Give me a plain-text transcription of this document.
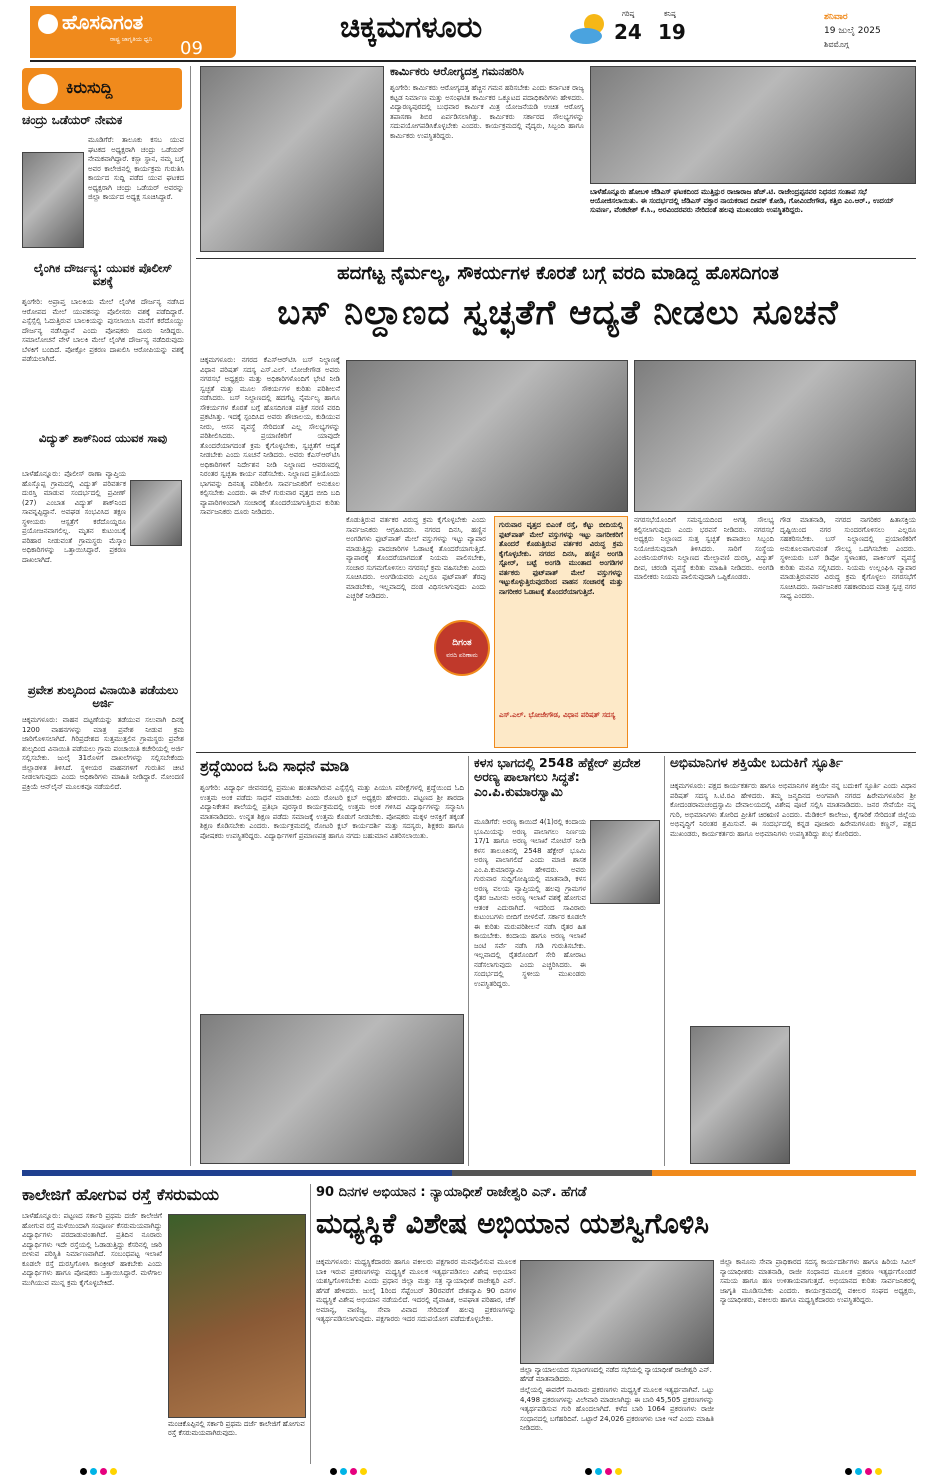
ಹೊಸದಿಗಂತ
ರಾಷ್ಟ್ರ ಜಾಗೃತಿಯ ಧ್ವನಿ	09
ಚಿಕ್ಕಮಗಳೂರು	ಗರಿಷ್ಠ
24
ಕನಿಷ್ಠ
19
ಶನಿವಾರ
19 ಜುಲೈ 2025
ಶಿವಮೊಗ್ಗ
ಕಿರುಸುದ್ದಿ
ಚಂದ್ರು ಒಡೆಯರ್ ನೇಮಕ
ಮೂಡಿಗೆರೆ: ತಾಲೂಕು ಕಸಬ ಯುವ ಘಟಕದ ಅಧ್ಯಕ್ಷರಾಗಿ ಚಂದ್ರು ಒಡೆಯರ್ ನೇಮಕವಾಗಿದ್ದಾರೆ. ಕಸ್ಬಾ ಸ್ಥಾನ, ನಮ್ಮ ಬಗ್ಗೆ ಅವರ ಕಾಲೇಜಿನಲ್ಲಿ ಕಾರ್ಯಕ್ರಮ ಗುರುತಿಸಿ ಕಾರ್ಯದ ಸುದ್ದಿ ಪಡೆದ ಯುವ ಘಟಕದ ಅಧ್ಯಕ್ಷರಾಗಿ ಚಂದ್ರು ಒಡೆಯರ್ ಅವರನ್ನು ಜಿಲ್ಲಾ ಕಾರ್ಯದ ಅಧ್ಯಕ್ಷ ಸೂಚಿಸಿದ್ದಾರೆ.
ಲೈಂಗಿಕ ದೌರ್ಜನ್ಯ: ಯುವಕ ಪೊಲೀಸ್ ವಶಕ್ಕೆ
ಶೃಂಗೇರಿ: ಅಪ್ರಾಪ್ತ ಬಾಲಕಿಯ ಮೇಲೆ ಲೈಂಗಿಕ ದೌರ್ಜನ್ಯ ನಡೆಸಿದ ಆರೋಪದ ಮೇಲೆ ಯುವಕನನ್ನು ಪೊಲೀಸರು ವಶಕ್ಕೆ ಪಡೆದಿದ್ದಾರೆ. ಎಸ್ಸೆಸ್ಸೆಲ್ಸಿ ಓದುತ್ತಿರುವ ಬಾಲಕಿಯನ್ನು ಪುಸಲಾಯಿಸಿ ಮನೆಗೆ ಕರೆದೊಯ್ದು ದೌರ್ಜನ್ಯ ನಡೆಸಿದ್ದಾನೆ ಎಂದು ಪೋಷಕರು ದೂರು ನೀಡಿದ್ದರು. ಸಮಾಲೋಚನೆ ವೇಳೆ ಬಾಲಕಿ ಮೇಲೆ ಲೈಂಗಿಕ ದೌರ್ಜನ್ಯ ನಡೆದಿರುವುದು ಬೆಳಕಿಗೆ ಬಂದಿದೆ. ಪೋಕ್ಸೋ ಪ್ರಕರಣ ದಾಖಲಿಸಿ ಆರೋಪಿಯನ್ನು ವಶಕ್ಕೆ ಪಡೆಯಲಾಗಿದೆ.
ವಿದ್ಯುತ್ ಶಾಕ್‌ನಿಂದ ಯುವಕ ಸಾವು
ಬಾಳೆಹೊನ್ನೂರು: ಪೊಲೀಸ್ ಠಾಣಾ ವ್ಯಾಪ್ತಿಯ ಹೊಸ್ಕೊಪ್ಪ ಗ್ರಾಮದಲ್ಲಿ ವಿದ್ಯುತ್ ಪರಿವರ್ತಕ ದುರಸ್ತಿ ಮಾಡುವ ಸಂದರ್ಭದಲ್ಲಿ ಪ್ರವೀಣ್ (27) ಎಂಬಾತ ವಿದ್ಯುತ್ ಶಾಕ್‌ನಿಂದ ಸಾವನ್ನಪ್ಪಿದ್ದಾನೆ. ಅವಘಡ ಸಂಭವಿಸಿದ ತಕ್ಷಣ ಸ್ಥಳೀಯರು ಆಸ್ಪತ್ರೆಗೆ ಕರೆದೊಯ್ದರೂ ಪ್ರಯೋಜನವಾಗಲಿಲ್ಲ. ಮೃತನ ಕುಟುಂಬಕ್ಕೆ ಪರಿಹಾರ ನೀಡುವಂತೆ ಗ್ರಾಮಸ್ಥರು ಮೆಸ್ಕಾಂ ಅಧಿಕಾರಿಗಳನ್ನು ಒತ್ತಾಯಿಸಿದ್ದಾರೆ. ಪ್ರಕರಣ ದಾಖಲಾಗಿದೆ.
ಪ್ರವೇಶ ಶುಲ್ಕದಿಂದ ವಿನಾಯಿತಿ ಪಡೆಯಲು ಅರ್ಜಿ
ಚಿಕ್ಕಮಗಳೂರು: ವಾಹನ ದಟ್ಟಣೆಯನ್ನು ತಡೆಯುವ ಸಲುವಾಗಿ ದಿನಕ್ಕೆ 1200 ವಾಹನಗಳನ್ನು ಮಾತ್ರ ಪ್ರವೇಶ ನೀಡುವ ಕ್ರಮ ಜಾರಿಗೊಳಿಸಲಾಗಿದೆ. ಗಿರಿಪ್ರದೇಶದ ಸುತ್ತಮುತ್ತಲಿನ ಗ್ರಾಮಸ್ಥರು ಪ್ರವೇಶ ಶುಲ್ಕದಿಂದ ವಿನಾಯಿತಿ ಪಡೆಯಲು ಗ್ರಾಮ ಪಂಚಾಯಿತಿ ಕಚೇರಿಯಲ್ಲಿ ಅರ್ಜಿ ಸಲ್ಲಿಸಬೇಕು. ಜುಲೈ 31ರೊಳಗೆ ದಾಖಲೆಗಳನ್ನು ಸಲ್ಲಿಸಬೇಕೆಂದು ಜಿಲ್ಲಾಡಳಿತ ತಿಳಿಸಿದೆ. ಸ್ಥಳೀಯರ ವಾಹನಗಳಿಗೆ ಗುರುತಿನ ಚೀಟಿ ನೀಡಲಾಗುವುದು ಎಂದು ಅಧಿಕಾರಿಗಳು ಮಾಹಿತಿ ನೀಡಿದ್ದಾರೆ. ನೋಂದಣಿ ಪ್ರಕ್ರಿಯೆ ಆನ್‌ಲೈನ್ ಮೂಲಕವೂ ನಡೆಯಲಿದೆ.
ಕಾರ್ಮಿಕರು ಆರೋಗ್ಯದತ್ತ ಗಮನಹರಿಸಿ
ಶೃಂಗೇರಿ: ಕಾರ್ಮಿಕರು ಆರೋಗ್ಯದತ್ತ ಹೆಚ್ಚಿನ ಗಮನ ಹರಿಸಬೇಕು ಎಂದು ಕರ್ನಾಟಕ ರಾಜ್ಯ ಕಟ್ಟಡ ನಿರ್ಮಾಣ ಮತ್ತು ಅಸಂಘಟಿತ ಕಾರ್ಮಿಕರ ಒಕ್ಕೂಟದ ಪದಾಧಿಕಾರಿಗಳು ಹೇಳಿದರು. ವಿದ್ಯಾರಣ್ಯಪುರದಲ್ಲಿ ಬುಧವಾರ ಕಾರ್ಮಿಕ ಮಿತ್ರ ಯೋಜನೆಯಡಿ ಉಚಿತ ಆರೋಗ್ಯ ತಪಾಸಣಾ ಶಿಬಿರ ಏರ್ಪಡಿಸಲಾಗಿತ್ತು. ಕಾರ್ಮಿಕರು ಸರ್ಕಾರದ ಸೌಲಭ್ಯಗಳನ್ನು ಸದುಪಯೋಗಪಡಿಸಿಕೊಳ್ಳಬೇಕು ಎಂದರು. ಕಾರ್ಯಕ್ರಮದಲ್ಲಿ ವೈದ್ಯರು, ಸಿಬ್ಬಂದಿ ಹಾಗೂ ಕಾರ್ಮಿಕರು ಉಪಸ್ಥಿತರಿದ್ದರು.
ಬಾಳೆಹೊನ್ನೂರು ಹೋಬಳಿ ಜೆಡಿಎಸ್ ಘಟಕದಿಂದ ಮುತ್ತಿನ್ಪುರ ರಾಜಾರಾಜ ಹೆಚ್.ಟಿ. ರಾಜೇಂದ್ರಪ್ಪನವರ ನಿಧನದ ಸಂತಾಪ ಸಭೆ ಆಯೋಜಿಸಲಾಯಿತು. ಈ ಸಂದರ್ಭದಲ್ಲಿ ಜೆಡಿಎಸ್ ವಕ್ತಾರ ನಾಯಕರಾದ ದೀಪಕ್ ಕೋಡಿ, ಗೋವಿಂದೇಗೌಡ, ಕತ್ತಿಬಿ ಎಂ.ಆರ್., ಉದಯ್ ಸುವರ್ಣ, ವೆಂಕಟೇಶ್ ಕೆ.ಸಿ., ಅರವಿಂದರವರು ನೇರಿದಂತೆ ಹಲವು ಮುಖಂಡರು ಉಪಸ್ಥಿತರಿದ್ದರು.
ಹದಗೆಟ್ಟ ನೈರ್ಮಲ್ಯ, ಸೌಕರ್ಯಗಳ ಕೊರತೆ ಬಗ್ಗೆ ವರದಿ ಮಾಡಿದ್ದ ಹೊಸದಿಗಂತ
ಬಸ್ ನಿಲ್ದಾಣದ ಸ್ವಚ್ಛತೆಗೆ ಆದ್ಯತೆ ನೀಡಲು ಸೂಚನೆ
ಚಿಕ್ಕಮಗಳೂರು: ನಗರದ ಕೆಎಸ್‌ಆರ್‌ಟಿಸಿ ಬಸ್ ನಿಲ್ದಾಣಕ್ಕೆ ವಿಧಾನ ಪರಿಷತ್ ಸದಸ್ಯ ಎಸ್.ಎಲ್. ಬೋಜೇಗೌಡ ಅವರು ನಗರಸಭೆ ಅಧ್ಯಕ್ಷರು ಮತ್ತು ಅಧಿಕಾರಿಗಳೊಂದಿಗೆ ಭೇಟಿ ನೀಡಿ ಸ್ವಚ್ಛತೆ ಮತ್ತು ಮೂಲ ಸೌಕರ್ಯಗಳ ಕುರಿತು ಪರಿಶೀಲನೆ ನಡೆಸಿದರು. ಬಸ್ ನಿಲ್ದಾಣದಲ್ಲಿ ಹದಗೆಟ್ಟ ನೈರ್ಮಲ್ಯ ಹಾಗೂ ಸೌಕರ್ಯಗಳ ಕೊರತೆ ಬಗ್ಗೆ ಹೊಸದಿಗಂತ ಪತ್ರಿಕೆ ಸರಣಿ ವರದಿ ಪ್ರಕಟಿಸಿತ್ತು. ಇದಕ್ಕೆ ಸ್ಪಂದಿಸಿದ ಅವರು ಶೌಚಾಲಯ, ಕುಡಿಯುವ ನೀರು, ಆಸನ ವ್ಯವಸ್ಥೆ ಸೇರಿದಂತೆ ಎಲ್ಲ ಸೌಲಭ್ಯಗಳನ್ನು ಪರಿಶೀಲಿಸಿದರು. ಪ್ರಯಾಣಿಕರಿಗೆ ಯಾವುದೇ ತೊಂದರೆಯಾಗದಂತೆ ಕ್ರಮ ಕೈಗೊಳ್ಳಬೇಕು, ಸ್ವಚ್ಛತೆಗೆ ಆದ್ಯತೆ ನೀಡಬೇಕು ಎಂದು ಸೂಚನೆ ನೀಡಿದರು. ಅವರು ಕೆಎಸ್‌ಆರ್‌ಟಿಸಿ ಅಧಿಕಾರಿಗಳಿಗೆ ನಿರ್ದೇಶನ ನೀಡಿ ನಿಲ್ದಾಣದ ಆವರಣದಲ್ಲಿ ನಿರಂತರ ಸ್ವಚ್ಛತಾ ಕಾರ್ಯ ನಡೆಸಬೇಕು. ನಿಲ್ದಾಣದ ಪ್ರತಿಯೊಂದು ಭಾಗವನ್ನು ದಿನನಿತ್ಯ ಪರಿಶೀಲಿಸಿ ಸಾರ್ವಜನಿಕರಿಗೆ ಅನುಕೂಲ ಕಲ್ಪಿಸಬೇಕು ಎಂದರು. ಈ ವೇಳೆ ಗುರುವಾರ ವೃತ್ತದ ಬೀದಿ ಬದಿ ವ್ಯಾಪಾರಿಗಳಿಂದಾಗಿ ಸಂಚಾರಕ್ಕೆ ತೊಂದರೆಯಾಗುತ್ತಿರುವ ಕುರಿತು ಸಾರ್ವಜನಿಕರು ದೂರು ನೀಡಿದರು.
ಕೊಡುತ್ತಿರುವ ವರ್ತಕರ ವಿರುದ್ಧ ಕ್ರಮ ಕೈಗೊಳ್ಳಬೇಕು ಎಂದು ಸಾರ್ವಜನಿಕರು ಆಗ್ರಹಿಸಿದರು. ನಗರದ ದಿನಸಿ, ಹಣ್ಣಿನ ಅಂಗಡಿಗಳು ಫುಟ್‌ಪಾತ್ ಮೇಲೆ ವಸ್ತುಗಳನ್ನು ಇಟ್ಟು ವ್ಯಾಪಾರ ಮಾಡುತ್ತಿದ್ದು ಪಾದಚಾರಿಗಳ ಓಡಾಟಕ್ಕೆ ತೊಂದರೆಯಾಗುತ್ತಿದೆ. ವ್ಯಾಪಾರಕ್ಕೆ ತೊಂದರೆಯಾಗದಂತೆ ನಿಯಮ ಪಾಲಿಸಬೇಕು, ಸಂಚಾರ ಸುಗಮಗೊಳಿಸಲು ನಗರಸಭೆ ಕ್ರಮ ವಹಿಸಬೇಕು ಎಂದು ಸೂಚಿಸಿದರು. ಅಂಗಡಿಯವರು ಎಲ್ಲರೂ ಫುಟ್‌ಪಾತ್ ತೆರವು ಮಾಡಬೇಕು, ಇಲ್ಲವಾದಲ್ಲಿ ದಂಡ ವಿಧಿಸಲಾಗುವುದು ಎಂದು ಎಚ್ಚರಿಕೆ ನೀಡಿದರು.
ದಿಗಂತ
ವರದಿ ಪರಿಣಾಮ
ಗುರುವಾರ ವೃತ್ತದ ಬಿಎಂಕೆ ರಸ್ತೆ, ಕೆಟ್ಟು ಬೀದಿಯಲ್ಲಿ ಫುಟ್‌ಪಾತ್ ಮೇಲೆ ವಸ್ತುಗಳನ್ನು ಇಟ್ಟು ನಾಗರೀಕರಿಗೆ ತೊಂದರೆ ಕೊಡುತ್ತಿರುವ ವರ್ತಕರ ವಿರುದ್ಧ ಕ್ರಮ ಕೈಗೊಳ್ಳಬೇಕು. ನಗರದ ದಿನಸಿ, ಹಣ್ಣಿನ ಅಂಗಡಿ ಸ್ಟೋರ್, ಬಟ್ಟೆ ಅಂಗಡಿ ಮುಂತಾದ ಅಂಗಡಿಗಳ ವರ್ತಕರು ಫುಟ್‌ಪಾತ್ ಮೇಲೆ ವಸ್ತುಗಳನ್ನು ಇಟ್ಟುಕೊಳ್ಳುತ್ತಿರುವುದರಿಂದ ವಾಹನ ಸಂಚಾರಕ್ಕೆ ಮತ್ತು ನಾಗರೀಕರ ಓಡಾಟಕ್ಕೆ ತೊಂದರೆಯಾಗುತ್ತಿದೆ.
ಎಸ್.ಎಲ್. ಭೋಜೇಗೌಡ, ವಿಧಾನ ಪರಿಷತ್ ಸದಸ್ಯ
ನಗರಸಭೆಯೊಂದಿಗೆ ಸಮನ್ವಯದಿಂದ ಅಗತ್ಯ ಸೌಲಭ್ಯ ಕಲ್ಪಿಸಲಾಗುವುದು ಎಂದು ಭರವಸೆ ನೀಡಿದರು. ನಗರಸಭೆ ಅಧ್ಯಕ್ಷರು ನಿಲ್ದಾಣದ ಸುತ್ತ ಸ್ವಚ್ಛತೆ ಕಾಪಾಡಲು ಸಿಬ್ಬಂದಿ ನಿಯೋಜಿಸುವುದಾಗಿ ತಿಳಿಸಿದರು. ಸಾರಿಗೆ ಸಂಸ್ಥೆಯ ಎಂಜಿನಿಯರ್‌ಗಳು ನಿಲ್ದಾಣದ ಮೇಲ್ಛಾವಣಿ ದುರಸ್ತಿ, ವಿದ್ಯುತ್ ದೀಪ, ಚರಂಡಿ ವ್ಯವಸ್ಥೆ ಕುರಿತು ಮಾಹಿತಿ ನೀಡಿದರು. ಅಂಗಡಿ ಮಾಲೀಕರು ನಿಯಮ ಪಾಲಿಸುವುದಾಗಿ ಒಪ್ಪಿಕೊಂಡರು.
ಗೌಡ ಮಾತನಾಡಿ, ನಗರದ ನಾಗರಿಕರ ಹಿತಾಸಕ್ತಿಯ ದೃಷ್ಟಿಯಿಂದ ನಗರ ಸುಂದರಗೊಳಿಸಲು ಎಲ್ಲರೂ ಸಹಕರಿಸಬೇಕು. ಬಸ್ ನಿಲ್ದಾಣದಲ್ಲಿ ಪ್ರಯಾಣಿಕರಿಗೆ ಅನುಕೂಲವಾಗುವಂತೆ ಸೌಲಭ್ಯ ಒದಗಿಸಬೇಕು ಎಂದರು. ಸ್ಥಳೀಯರು ಬಸ್ ಡಿಪೋ ಸ್ಥಳಾಂತರ, ಪಾರ್ಕಿಂಗ್ ವ್ಯವಸ್ಥೆ ಕುರಿತು ಮನವಿ ಸಲ್ಲಿಸಿದರು. ನಿಯಮ ಉಲ್ಲಂಘಿಸಿ ವ್ಯಾಪಾರ ಮಾಡುತ್ತಿರುವವರ ವಿರುದ್ಧ ಕ್ರಮ ಕೈಗೊಳ್ಳಲು ನಗರಸಭೆಗೆ ಸೂಚಿಸಿದರು. ಸಾರ್ವಜನಿಕರ ಸಹಕಾರದಿಂದ ಮಾತ್ರ ಸ್ವಚ್ಛ ನಗರ ಸಾಧ್ಯ ಎಂದರು.
ಶ್ರದ್ಧೆಯಿಂದ ಓದಿ ಸಾಧನೆ ಮಾಡಿ
ಶೃಂಗೇರಿ: ವಿದ್ಯಾರ್ಥಿ ಜೀವನದಲ್ಲಿ ಪ್ರಮುಖ ಹಂತವಾಗಿರುವ ಎಸ್ಸೆಸ್ಸೆಲ್ಸಿ ಮತ್ತು ಪಿಯುಸಿ ಪರೀಕ್ಷೆಗಳಲ್ಲಿ ಶ್ರದ್ಧೆಯಿಂದ ಓದಿ ಉತ್ತಮ ಅಂಕ ಪಡೆದು ಸಾಧನೆ ಮಾಡಬೇಕು ಎಂದು ರೋಟರಿ ಕ್ಲಬ್ ಅಧ್ಯಕ್ಷರು ಹೇಳಿದರು. ಪಟ್ಟಣದ ಶ್ರೀ ಶಾರದಾ ವಿದ್ಯಾನಿಕೇತನ ಶಾಲೆಯಲ್ಲಿ ಪ್ರತಿಭಾ ಪುರಸ್ಕಾರ ಕಾರ್ಯಕ್ರಮದಲ್ಲಿ ಉತ್ತಮ ಅಂಕ ಗಳಿಸಿದ ವಿದ್ಯಾರ್ಥಿಗಳನ್ನು ಸನ್ಮಾನಿಸಿ ಮಾತನಾಡಿದರು. ಉನ್ನತ ಶಿಕ್ಷಣ ಪಡೆದು ಸಮಾಜಕ್ಕೆ ಉತ್ತಮ ಕೊಡುಗೆ ನೀಡಬೇಕು. ಪೋಷಕರು ಮಕ್ಕಳ ಆಸಕ್ತಿಗೆ ತಕ್ಕಂತೆ ಶಿಕ್ಷಣ ಕೊಡಿಸಬೇಕು ಎಂದರು. ಕಾರ್ಯಕ್ರಮದಲ್ಲಿ ರೋಟರಿ ಕ್ಲಬ್ ಕಾರ್ಯದರ್ಶಿ ಮತ್ತು ಸದಸ್ಯರು, ಶಿಕ್ಷಕರು ಹಾಗೂ ಪೋಷಕರು ಉಪಸ್ಥಿತರಿದ್ದರು. ವಿದ್ಯಾರ್ಥಿಗಳಿಗೆ ಪ್ರಮಾಣಪತ್ರ ಹಾಗೂ ನಗದು ಬಹುಮಾನ ವಿತರಿಸಲಾಯಿತು.
ಕಳಸ ಭಾಗದಲ್ಲಿ 2548 ಹೆಕ್ಟೇರ್ ಪ್ರದೇಶ ಅರಣ್ಯ ಪಾಲಾಗಲು ಸಿದ್ಧತೆ: ಎಂ.ಪಿ.ಕುಮಾರಸ್ವಾಮಿ
ಮೂಡಿಗೆರೆ: ಅರಣ್ಯ ಕಾಯಿದೆ 4(1)ರಲ್ಲಿ ಕಂದಾಯ ಭೂಮಿಯನ್ನು ಅರಣ್ಯ ಪಾಲಾಗಲು ನಿರ್ಣಯ 17/1 ಹಾಗೂ ಅರಣ್ಯ ಇಲಾಖೆ ನೋಟಿಸ್ ನೀಡಿ ಕಳಸ ತಾಲೂಕಿನಲ್ಲಿ 2548 ಹೆಕ್ಟೇರ್ ಭೂಮಿ ಅರಣ್ಯ ಪಾಲಾಗಲಿದೆ ಎಂದು ಮಾಜಿ ಶಾಸಕ ಎಂ.ಪಿ.ಕುಮಾರಸ್ವಾಮಿ ಹೇಳಿದರು. ಅವರು ಗುರುವಾರ ಸುದ್ದಿಗೋಷ್ಠಿಯಲ್ಲಿ ಮಾತನಾಡಿ, ಕಳಸ ಅರಣ್ಯ ವಲಯ ವ್ಯಾಪ್ತಿಯಲ್ಲಿ ಹಲವು ಗ್ರಾಮಗಳ ರೈತರ ಜಮೀನು ಅರಣ್ಯ ಇಲಾಖೆ ವಶಕ್ಕೆ ಹೋಗುವ ಆತಂಕ ಎದುರಾಗಿದೆ. ಇದರಿಂದ ಸಾವಿರಾರು ಕುಟುಂಬಗಳು ಬೀದಿಗೆ ಬೀಳಲಿವೆ. ಸರ್ಕಾರ ಕೂಡಲೇ ಈ ಕುರಿತು ಮರುಪರಿಶೀಲನೆ ನಡೆಸಿ ರೈತರ ಹಿತ ಕಾಯಬೇಕು. ಕಂದಾಯ ಹಾಗೂ ಅರಣ್ಯ ಇಲಾಖೆ ಜಂಟಿ ಸರ್ವೆ ನಡೆಸಿ ಗಡಿ ಗುರುತಿಸಬೇಕು. ಇಲ್ಲವಾದಲ್ಲಿ ರೈತರೊಂದಿಗೆ ಸೇರಿ ಹೋರಾಟ ನಡೆಸಲಾಗುವುದು ಎಂದು ಎಚ್ಚರಿಸಿದರು. ಈ ಸಂದರ್ಭದಲ್ಲಿ ಸ್ಥಳೀಯ ಮುಖಂಡರು ಉಪಸ್ಥಿತರಿದ್ದರು.
ಅಭಿಮಾನಿಗಳ ಶಕ್ತಿಯೇ ಬದುಕಿಗೆ ಸ್ಫೂರ್ತಿ
ಚಿಕ್ಕಮಗಳೂರು: ಪಕ್ಷದ ಕಾರ್ಯಕರ್ತರು ಹಾಗೂ ಅಭಿಮಾನಿಗಳ ಶಕ್ತಿಯೇ ನನ್ನ ಬದುಕಿಗೆ ಸ್ಫೂರ್ತಿ ಎಂದು ವಿಧಾನ ಪರಿಷತ್ ಸದಸ್ಯ ಸಿ.ಟಿ.ರವಿ ಹೇಳಿದರು. ತಮ್ಮ ಜನ್ಮದಿನದ ಅಂಗವಾಗಿ ನಗರದ ಹಿರೇಮಗಳೂರಿನ ಶ್ರೀ ಕೋದಂಡರಾಮಚಂದ್ರಸ್ವಾಮಿ ದೇವಾಲಯದಲ್ಲಿ ವಿಶೇಷ ಪೂಜೆ ಸಲ್ಲಿಸಿ ಮಾತನಾಡಿದರು. ಜನರ ಸೇವೆಯೇ ನನ್ನ ಗುರಿ, ಅಭಿಮಾನಿಗಳು ತೋರಿದ ಪ್ರೀತಿಗೆ ಚಿರಋಣಿ ಎಂದರು. ಮೆಡಿಕಲ್ ಕಾಲೇಜು, ಕೈಗಾರಿಕೆ ಸೇರಿದಂತೆ ಜಿಲ್ಲೆಯ ಅಭಿವೃದ್ಧಿಗೆ ನಿರಂತರ ಶ್ರಮಿಸುವೆ. ಈ ಸಂದರ್ಭದಲ್ಲಿ ಕನ್ನಡ ಪೂಜಾರು ಹಿರೇಮಗಳೂರು ಕಣ್ಣನ್, ಪಕ್ಷದ ಮುಖಂಡರು, ಕಾರ್ಯಕರ್ತರು ಹಾಗೂ ಅಭಿಮಾನಿಗಳು ಉಪಸ್ಥಿತರಿದ್ದು ಶುಭ ಕೋರಿದರು.
ಕಾಲೇಜಿಗೆ ಹೋಗುವ ರಸ್ತೆ ಕೆಸರುಮಯ
ಬಾಳೆಹೊನ್ನೂರು: ಪಟ್ಟಣದ ಸರ್ಕಾರಿ ಪ್ರಥಮ ದರ್ಜೆ ಕಾಲೇಜಿಗೆ ಹೋಗುವ ರಸ್ತೆ ಮಳೆಯಿಂದಾಗಿ ಸಂಪೂರ್ಣ ಕೆಸರುಮಯವಾಗಿದ್ದು ವಿದ್ಯಾರ್ಥಿಗಳು ಪರದಾಡುವಂತಾಗಿದೆ. ಪ್ರತಿದಿನ ನೂರಾರು ವಿದ್ಯಾರ್ಥಿಗಳು ಇದೇ ರಸ್ತೆಯಲ್ಲಿ ಓಡಾಡುತ್ತಿದ್ದು ಕೆಸರಿನಲ್ಲಿ ಜಾರಿ ಬೀಳುವ ಪರಿಸ್ಥಿತಿ ನಿರ್ಮಾಣವಾಗಿದೆ. ಸಂಬಂಧಪಟ್ಟ ಇಲಾಖೆ ಕೂಡಲೇ ರಸ್ತೆ ದುರಸ್ತಿಗೊಳಿಸಿ ಕಾಂಕ್ರೀಟ್ ಹಾಕಬೇಕು ಎಂದು ವಿದ್ಯಾರ್ಥಿಗಳು ಹಾಗೂ ಪೋಷಕರು ಒತ್ತಾಯಿಸಿದ್ದಾರೆ. ಮಳೆಗಾಲ ಮುಗಿಯುವ ಮುನ್ನ ಕ್ರಮ ಕೈಗೊಳ್ಳಬೇಕಿದೆ.
ಮಂಚಿಕೊಪ್ಪಿನಲ್ಲಿ ಸರ್ಕಾರಿ ಪ್ರಥಮ ದರ್ಜೆ ಕಾಲೇಜಿಗೆ ಹೋಗುವ ರಸ್ತೆ ಕೆಸರುಮಯವಾಗಿರುವುದು.
90 ದಿನಗಳ ಅಭಿಯಾನ : ನ್ಯಾಯಾಧೀಶೆ ರಾಜೇಶ್ವರಿ ಎನ್. ಹೆಗಡೆ
ಮಧ್ಯಸ್ಥಿಕೆ ವಿಶೇಷ ಅಭಿಯಾನ ಯಶಸ್ವಿಗೊಳಿಸಿ
ಚಿಕ್ಕಮಗಳೂರು: ಮಧ್ಯಸ್ಥಿಕೆದಾರರು ಹಾಗೂ ವಕೀಲರು ಪಕ್ಷಗಾರರ ಮನವೊಲಿಸುವ ಮೂಲಕ ಬಾಕಿ ಇರುವ ಪ್ರಕರಣಗಳನ್ನು ಮಧ್ಯಸ್ಥಿಕೆ ಮೂಲಕ ಇತ್ಯರ್ಥಪಡಿಸಲು ವಿಶೇಷ ಅಭಿಯಾನ ಯಶಸ್ವಿಗೊಳಿಸಬೇಕು ಎಂದು ಪ್ರಧಾನ ಜಿಲ್ಲಾ ಮತ್ತು ಸತ್ರ ನ್ಯಾಯಾಧೀಶೆ ರಾಜೇಶ್ವರಿ ಎನ್. ಹೆಗಡೆ ಹೇಳಿದರು. ಜುಲೈ 1ರಿಂದ ಸೆಪ್ಟೆಂಬರ್ 30ರವರೆಗೆ ದೇಶವ್ಯಾಪಿ 90 ದಿನಗಳ ಮಧ್ಯಸ್ಥಿಕೆ ವಿಶೇಷ ಅಭಿಯಾನ ನಡೆಯಲಿದೆ. ಇದರಲ್ಲಿ ವೈವಾಹಿಕ, ಅಪಘಾತ ಪರಿಹಾರ, ಚೆಕ್ ಅಮಾನ್ಯ, ವಾಣಿಜ್ಯ, ಸೇವಾ ವಿವಾದ ಸೇರಿದಂತೆ ಹಲವು ಪ್ರಕರಣಗಳನ್ನು ಇತ್ಯರ್ಥಪಡಿಸಲಾಗುವುದು. ಪಕ್ಷಗಾರರು ಇದರ ಸದುಪಯೋಗ ಪಡೆದುಕೊಳ್ಳಬೇಕು.
ಜಿಲ್ಲಾ ನ್ಯಾಯಾಲಯದ ಸಭಾಂಗಣದಲ್ಲಿ ನಡೆದ ಸಭೆಯಲ್ಲಿ ನ್ಯಾಯಾಧೀಶೆ ರಾಜೇಶ್ವರಿ ಎನ್. ಹೆಗಡೆ ಮಾತನಾಡಿದರು.
ಜಿಲ್ಲೆಯಲ್ಲಿ ಈವರೆಗೆ ಸಾವಿರಾರು ಪ್ರಕರಣಗಳು ಮಧ್ಯಸ್ಥಿಕೆ ಮೂಲಕ ಇತ್ಯರ್ಥವಾಗಿವೆ. ಒಟ್ಟು 4,498 ಪ್ರಕರಣಗಳನ್ನು ವಿಲೇವಾರಿ ಮಾಡಲಾಗಿದ್ದು ಈ ಬಾರಿ 45,505 ಪ್ರಕರಣಗಳನ್ನು ಇತ್ಯರ್ಥಪಡಿಸುವ ಗುರಿ ಹೊಂದಲಾಗಿದೆ. ಕಳೆದ ಬಾರಿ 1064 ಪ್ರಕರಣಗಳು ರಾಜೀ ಸಂಧಾನದಲ್ಲಿ ಬಗೆಹರಿದಿವೆ. ಒಟ್ಟಾರೆ 24,026 ಪ್ರಕರಣಗಳು ಬಾಕಿ ಇವೆ ಎಂದು ಮಾಹಿತಿ ನೀಡಿದರು.
ಜಿಲ್ಲಾ ಕಾನೂನು ಸೇವಾ ಪ್ರಾಧಿಕಾರದ ಸದಸ್ಯ ಕಾರ್ಯದರ್ಶಿಗಳು ಹಾಗೂ ಹಿರಿಯ ಸಿವಿಲ್ ನ್ಯಾಯಾಧೀಶರು ಮಾತನಾಡಿ, ರಾಜೀ ಸಂಧಾನದ ಮೂಲಕ ಪ್ರಕರಣ ಇತ್ಯರ್ಥಗೊಂಡರೆ ಸಮಯ ಹಾಗೂ ಹಣ ಉಳಿತಾಯವಾಗುತ್ತದೆ. ಅಭಿಯಾನದ ಕುರಿತು ಸಾರ್ವಜನಿಕರಲ್ಲಿ ಜಾಗೃತಿ ಮೂಡಿಸಬೇಕು ಎಂದರು. ಕಾರ್ಯಕ್ರಮದಲ್ಲಿ ವಕೀಲರ ಸಂಘದ ಅಧ್ಯಕ್ಷರು, ನ್ಯಾಯಾಧೀಶರು, ವಕೀಲರು ಹಾಗೂ ಮಧ್ಯಸ್ಥಿಕೆದಾರರು ಉಪಸ್ಥಿತರಿದ್ದರು.
